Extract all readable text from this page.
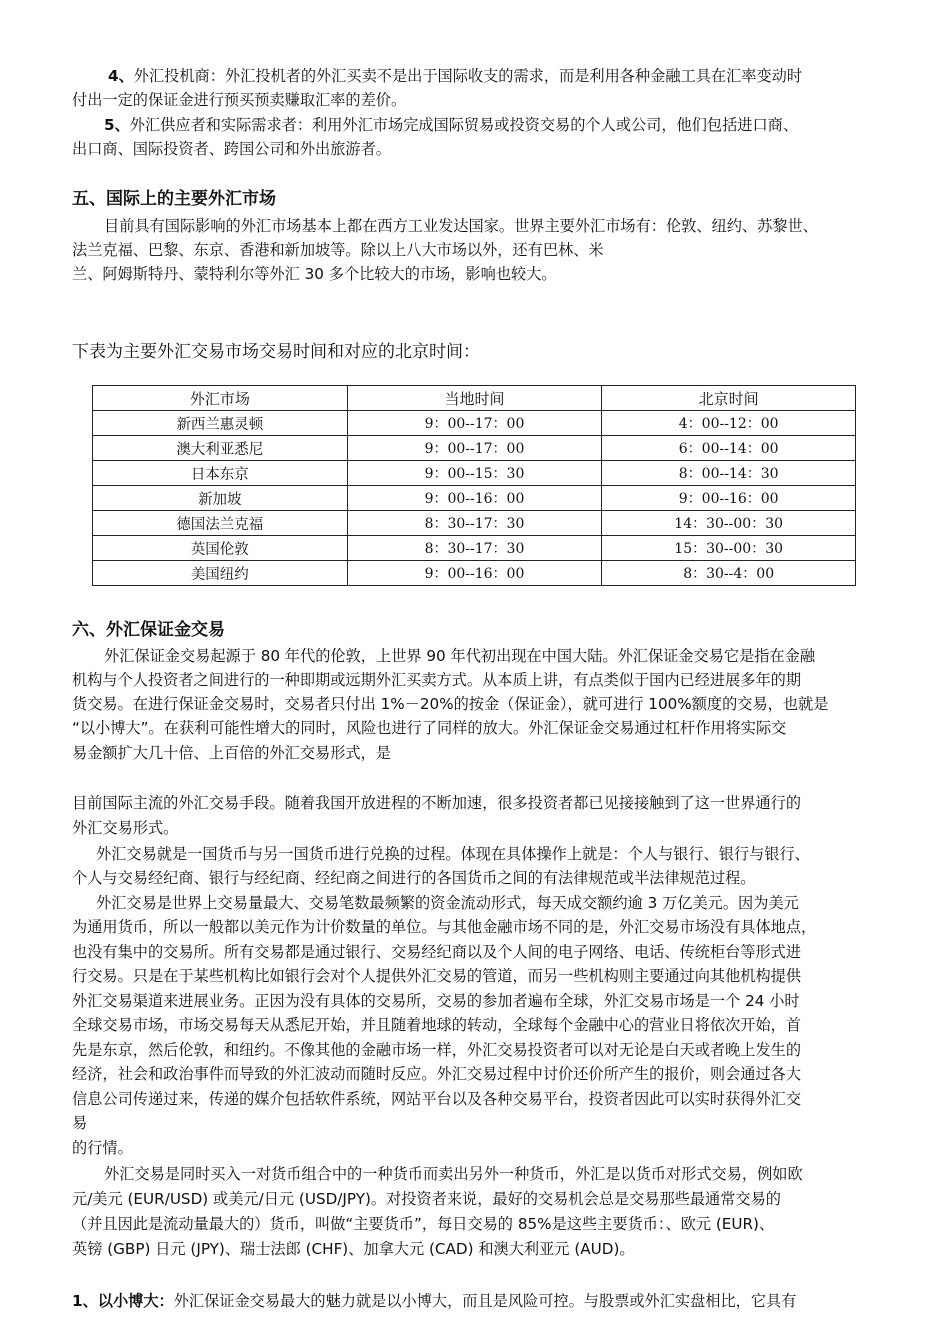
4、外汇投机商：外汇投机者的外汇买卖不是出于国际收支的需求，而是利用各种金融工具在汇率变动时
付出一定的保证金进行预买预卖赚取汇率的差价。
5、外汇供应者和实际需求者：利用外汇市场完成国际贸易或投资交易的个人或公司，他们包括进口商、
出口商、国际投资者、跨国公司和外出旅游者。
五、国际上的主要外汇市场
目前具有国际影响的外汇市场基本上都在西方工业发达国家。世界主要外汇市场有：伦敦、纽约、苏黎世、
法兰克福、巴黎、东京、香港和新加坡等。除以上八大市场以外，还有巴林、米
兰、阿姆斯特丹、蒙特利尔等外汇 30 多个比较大的市场，影响也较大。
下表为主要外汇交易市场交易时间和对应的北京时间：
外汇市场	当地时间	北京时间
新西兰惠灵顿	9：00--17：00	4：00--12：00
澳大利亚悉尼	9：00--17：00	6：00--14：00
日本东京	9：00--15：30	8：00--14：30
新加坡	9：00--16：00	9：00--16：00
德国法兰克福	8：30--17：30	14：30--00：30
英国伦敦	8：30--17：30	15：30--00：30
美国纽约	9：00--16：00	8：30--4：00
六、外汇保证金交易
外汇保证金交易起源于 80 年代的伦敦，上世界 90 年代初出现在中国大陆。外汇保证金交易它是指在金融
机构与个人投资者之间进行的一种即期或远期外汇买卖方式。从本质上讲，有点类似于国内已经进展多年的期
货交易。在进行保证金交易时，交易者只付出 1%－20%的按金（保证金），就可进行 100%额度的交易，也就是
“以小博大”。在获利可能性增大的同时，风险也进行了同样的放大。外汇保证金交易通过杠杆作用将实际交
易金额扩大几十倍、上百倍的外汇交易形式，是
目前国际主流的外汇交易手段。随着我国开放进程的不断加速，很多投资者都已见接接触到了这一世界通行的
外汇交易形式。
外汇交易就是一国货币与另一国货币进行兑换的过程。体现在具体操作上就是：个人与银行、银行与银行、
个人与交易经纪商、银行与经纪商、经纪商之间进行的各国货币之间的有法律规范或半法律规范过程。
外汇交易是世界上交易量最大、交易笔数最频繁的资金流动形式，每天成交额约逾 3 万亿美元。因为美元
为通用货币，所以一般都以美元作为计价数量的单位。与其他金融市场不同的是，外汇交易市场没有具体地点，
也没有集中的交易所。所有交易都是通过银行、交易经纪商以及个人间的电子网络、电话、传统柜台等形式进
行交易。只是在于某些机构比如银行会对个人提供外汇交易的管道，而另一些机构则主要通过向其他机构提供
外汇交易渠道来进展业务。正因为没有具体的交易所，交易的参加者遍布全球，外汇交易市场是一个 24 小时
全球交易市场，市场交易每天从悉尼开始，并且随着地球的转动，全球每个金融中心的营业日将依次开始，首
先是东京，然后伦敦，和纽约。不像其他的金融市场一样，外汇交易投资者可以对无论是白天或者晚上发生的
经济，社会和政治事件而导致的外汇波动而随时反应。外汇交易过程中讨价还价所产生的报价，则会通过各大
信息公司传递过来，传递的媒介包括软件系统，网站平台以及各种交易平台，投资者因此可以实时获得外汇交
易
的行情。
外汇交易是同时买入一对货币组合中的一种货币而卖出另外一种货币，外汇是以货币对形式交易，例如欧
元/美元 (EUR/USD) 或美元/日元 (USD/JPY)。对投资者来说，最好的交易机会总是交易那些最通常交易的
（并且因此是流动量最大的）货币，叫做“主要货币”，每日交易的 85%是这些主要货币：、欧元 (EUR)、
英镑 (GBP) 日元 (JPY)、瑞士法郎 (CHF)、加拿大元 (CAD) 和澳大利亚元 (AUD)。
1、以小博大：外汇保证金交易最大的魅力就是以小博大，而且是风险可控。与股票或外汇实盘相比，它具有
